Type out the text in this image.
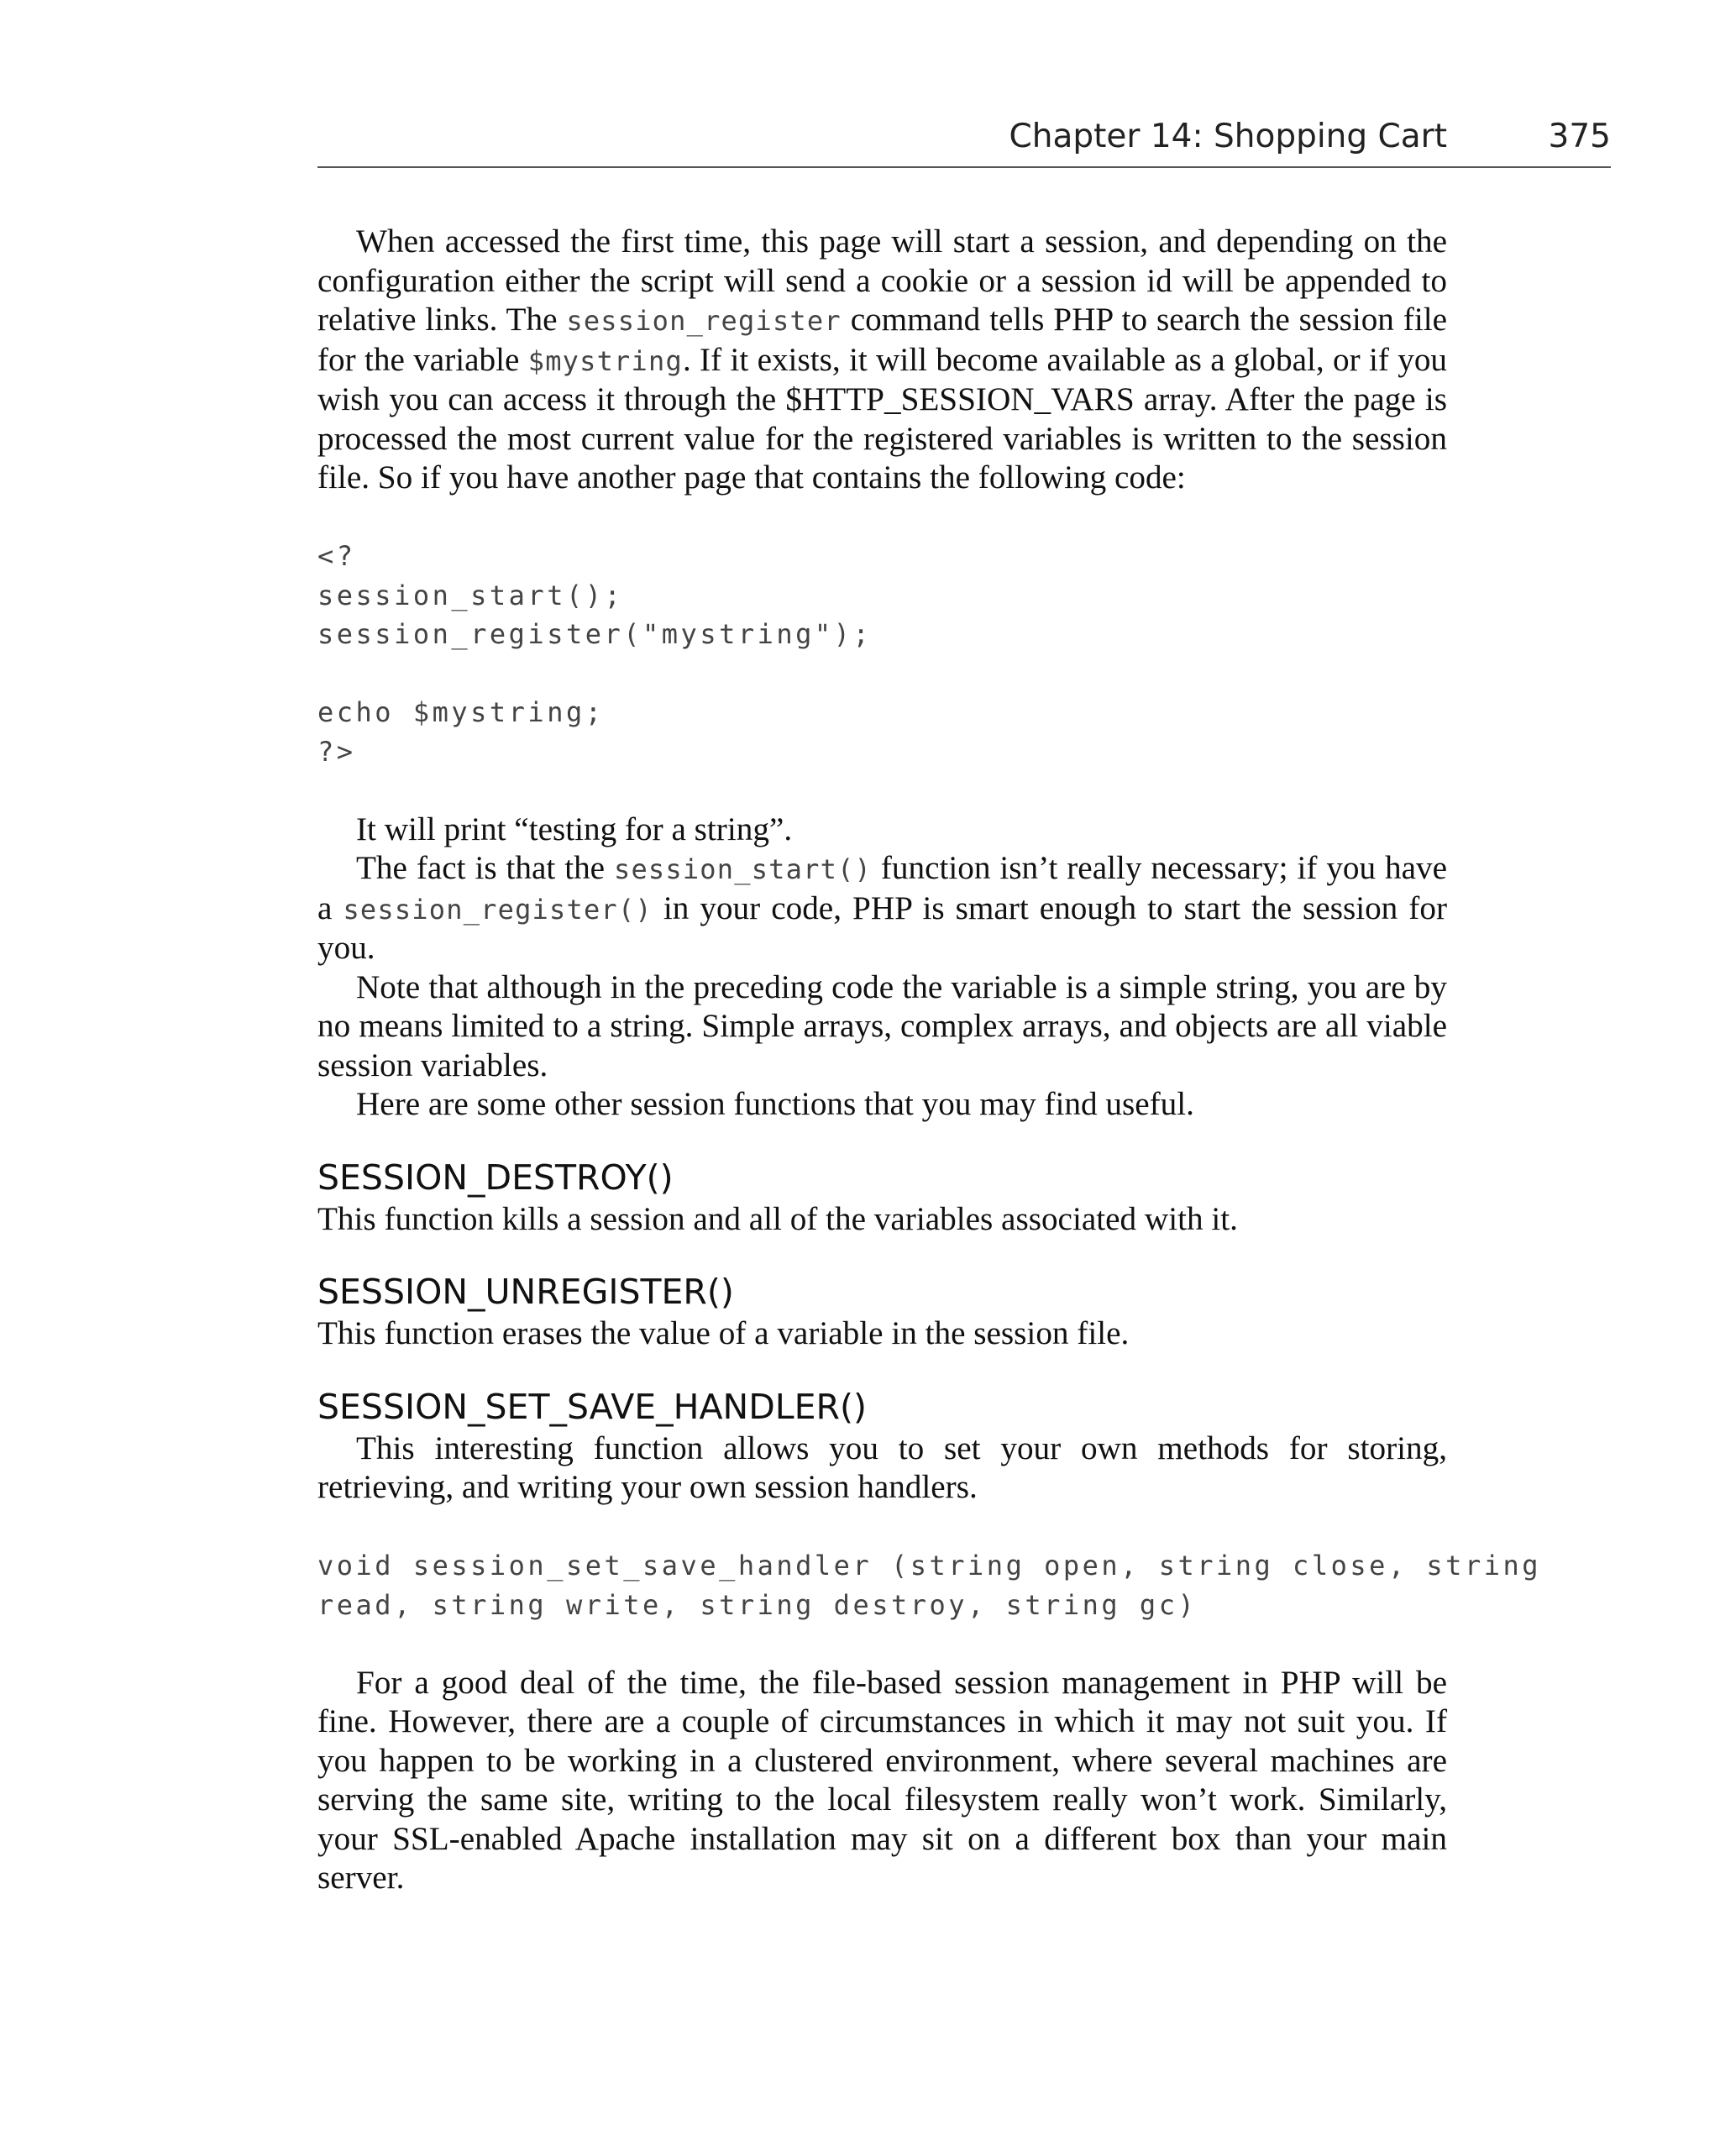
Chapter 14: Shopping Cart	375

When accessed the first time, this page will start a session, and depending on the configuration either the script will send a cookie or a session id will be appended to relative links. The session_register command tells PHP to search the session file for the variable $mystring. If it exists, it will become available as a global, or if you wish you can access it through the $HTTP_SESSION_VARS array. After the page is processed the most current value for the registered variables is written to the session file. So if you have another page that contains the following code:

<?
session_start();
session_register("mystring");

echo $mystring;
?>

It will print “testing for a string”.

The fact is that the session_start() function isn’t really necessary; if you have a session_register() in your code, PHP is smart enough to start the session for you.

Note that although in the preceding code the variable is a simple string, you are by no means limited to a string. Simple arrays, complex arrays, and objects are all viable session variables.

Here are some other session functions that you may find useful.

SESSION_DESTROY()

This function kills a session and all of the variables associated with it.

SESSION_UNREGISTER()

This function erases the value of a variable in the session file.

SESSION_SET_SAVE_HANDLER()

This interesting function allows you to set your own methods for storing, retrieving, and writing your own session handlers.

void session_set_save_handler (string open, string close, string
read, string write, string destroy, string gc)

For a good deal of the time, the file-based session management in PHP will be fine. However, there are a couple of circumstances in which it may not suit you. If you happen to be working in a clustered environment, where several machines are serving the same site, writing to the local filesystem really won’t work. Similarly, your SSL-enabled Apache installation may sit on a different box than your main server.
